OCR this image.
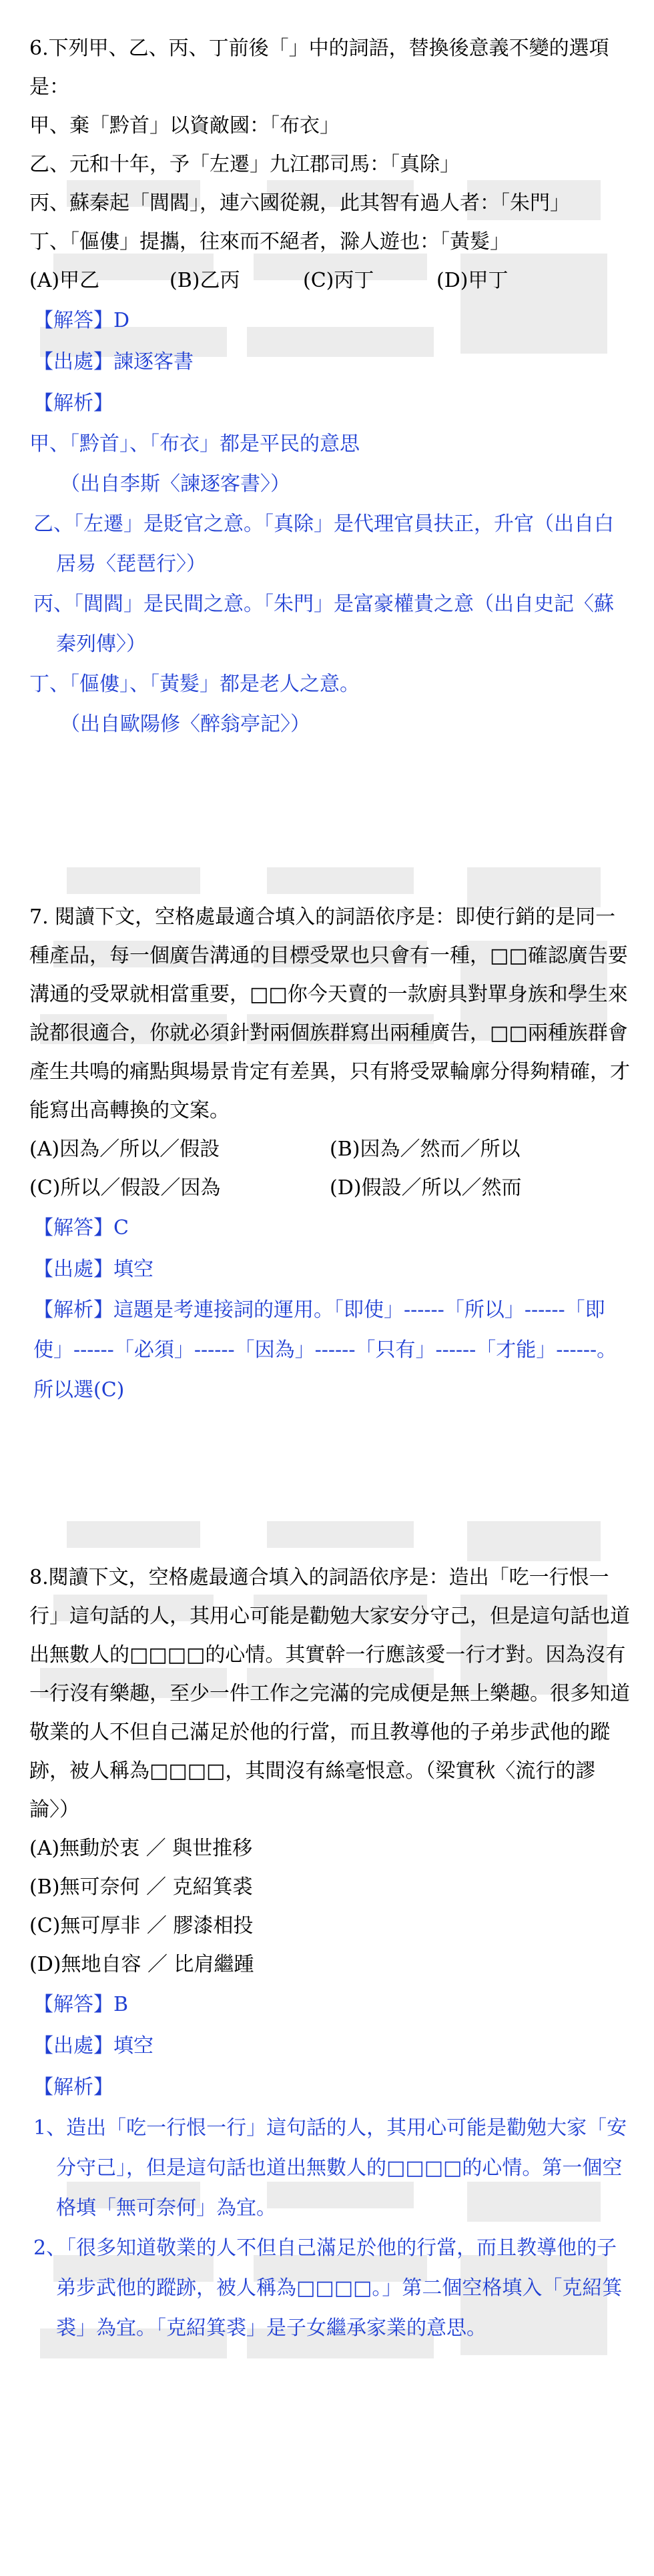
6.下列甲、乙、丙、丁前後「」中的詞語，替換後意義不變的選項是：

甲、棄「黔首」以資敵國：「布衣」

乙、元和十年，予「左遷」九江郡司馬：「真除」

丙、蘇秦起「閭閻」，連六國從親，此其智有過人者：「朱門」

丁、「傴僂」提攜，往來而不絕者，滁人遊也：「黃髮」

(A)甲乙	(B)乙丙	(C)丙丁	(D)甲丁

【解答】D

【出處】諫逐客書

【解析】

甲、「黔首」、「布衣」都是平民的意思

（出自李斯〈諫逐客書〉）

乙、「左遷」是貶官之意。「真除」是代理官員扶正，升官（出自白居易〈琵琶行〉）

丙、「閭閻」是民間之意。「朱門」是富豪權貴之意（出自史記〈蘇秦列傳〉）

丁、「傴僂」、「黃髮」都是老人之意。

（出自歐陽修〈醉翁亭記〉）

7. 閱讀下文，空格處最適合填入的詞語依序是：即使行銷的是同一種產品，每一個廣告溝通的目標受眾也只會有一種，□□確認廣告要溝通的受眾就相當重要，□□你今天賣的一款廚具對單身族和學生來說都很適合，你就必須針對兩個族群寫出兩種廣告，□□兩種族群會產生共鳴的痛點與場景肯定有差異，只有將受眾輪廓分得夠精確，才能寫出高轉換的文案。

(A)因為／所以／假設	(B)因為／然而／所以
(C)所以／假設／因為	(D)假設／所以／然而

【解答】C

【出處】填空

【解析】這題是考連接詞的運用。「即使」------「所以」------「即使」------「必須」------「因為」------「只有」------「才能」------。所以選(C)

8.閱讀下文，空格處最適合填入的詞語依序是：造出「吃一行恨一行」這句話的人，其用心可能是勸勉大家安分守己，但是這句話也道出無數人的□□□□的心情。其實幹一行應該愛一行才對。因為沒有一行沒有樂趣，至少一件工作之完滿的完成便是無上樂趣。很多知道敬業的人不但自己滿足於他的行當，而且教導他的子弟步武他的蹤跡，被人稱為□□□□，其間沒有絲毫恨意。（梁實秋〈流行的謬論〉）

(A)無動於衷 ／ 與世推移

(B)無可奈何 ／ 克紹箕裘

(C)無可厚非 ／ 膠漆相投

(D)無地自容 ／ 比肩繼踵

【解答】B

【出處】填空

【解析】

1、造出「吃一行恨一行」這句話的人，其用心可能是勸勉大家「安分守己」，但是這句話也道出無數人的□□□□的心情。第一個空格填「無可奈何」為宜。

2、「很多知道敬業的人不但自己滿足於他的行當，而且教導他的子弟步武他的蹤跡，被人稱為□□□□。」第二個空格填入「克紹箕裘」為宜。「克紹箕裘」是子女繼承家業的意思。
